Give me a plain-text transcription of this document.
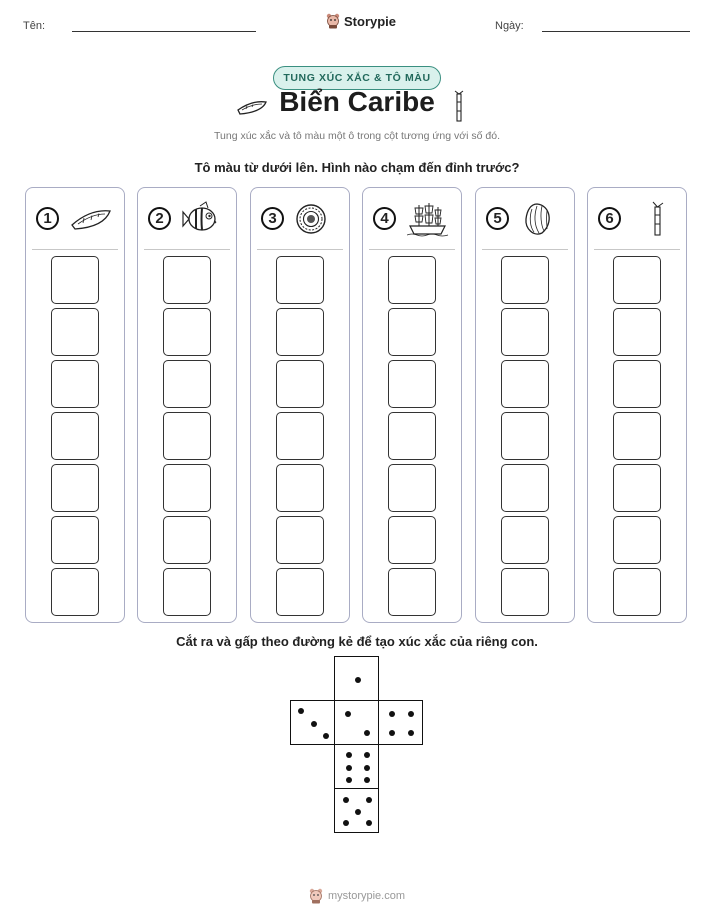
Tên:	Storypie	Ngày:
TUNG XÚC XẮC & TÔ MÀU
Biển Caribe
Tung xúc xắc và tô màu một ô trong cột tương ứng với số đó.
Tô màu từ dưới lên. Hình nào chạm đến đỉnh trước?
1	2	3	4	5	6
Cắt ra và gấp theo đường kẻ để tạo xúc xắc của riêng con.
mystorypie.com
